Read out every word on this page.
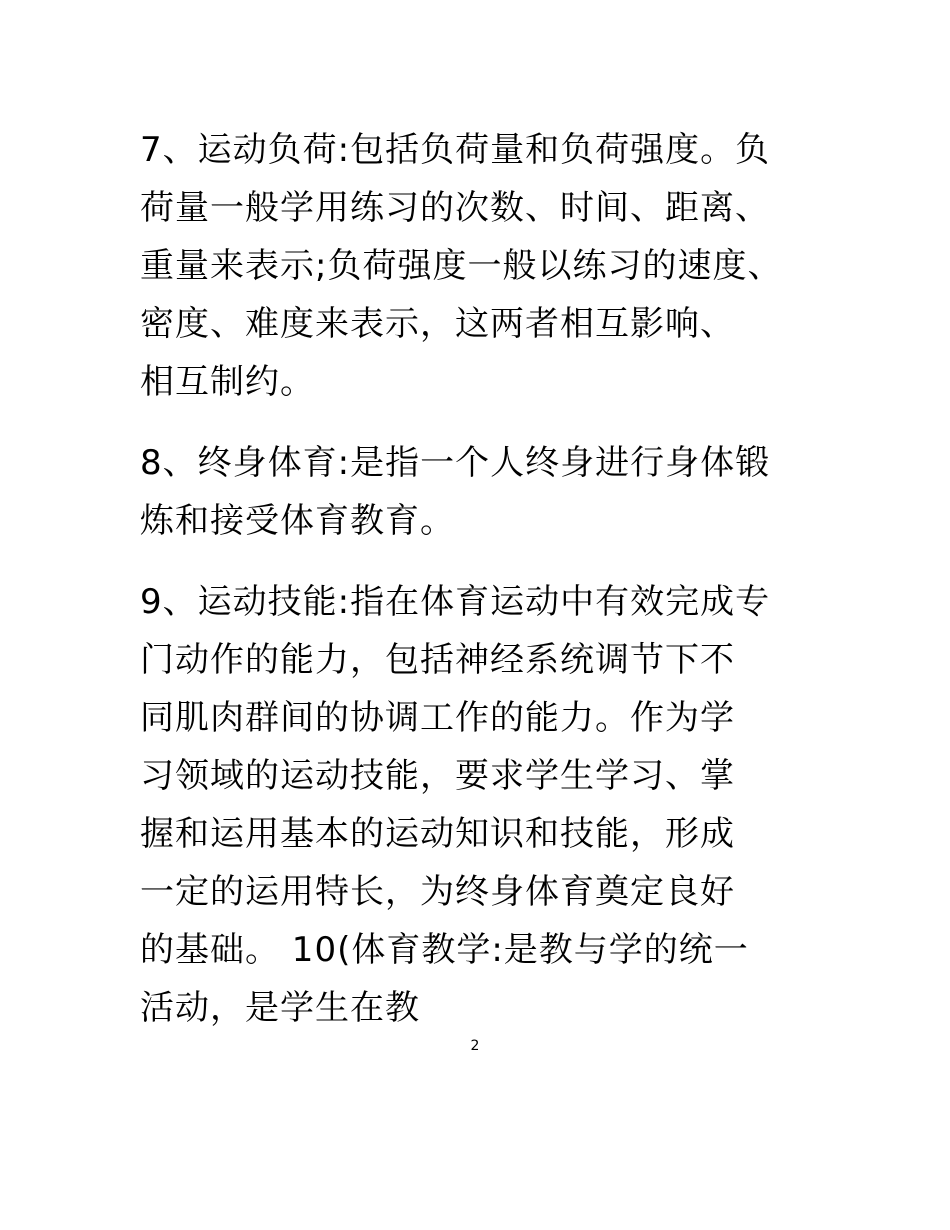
7、运动负荷:包括负荷量和负荷强度。负
荷量一般学用练习的次数、时间、距离、
重量来表示;负荷强度一般以练习的速度、
密度、难度来表示，这两者相互影响、
相互制约。
8、终身体育:是指一个人终身进行身体锻
炼和接受体育教育。
9、运动技能:指在体育运动中有效完成专
门动作的能力，包括神经系统调节下不
同肌肉群间的协调工作的能力。作为学
习领域的运动技能，要求学生学习、掌
握和运用基本的运动知识和技能，形成
一定的运用特长，为终身体育奠定良好
的基础。 10(体育教学:是教与学的统一
活动，是学生在教
2
